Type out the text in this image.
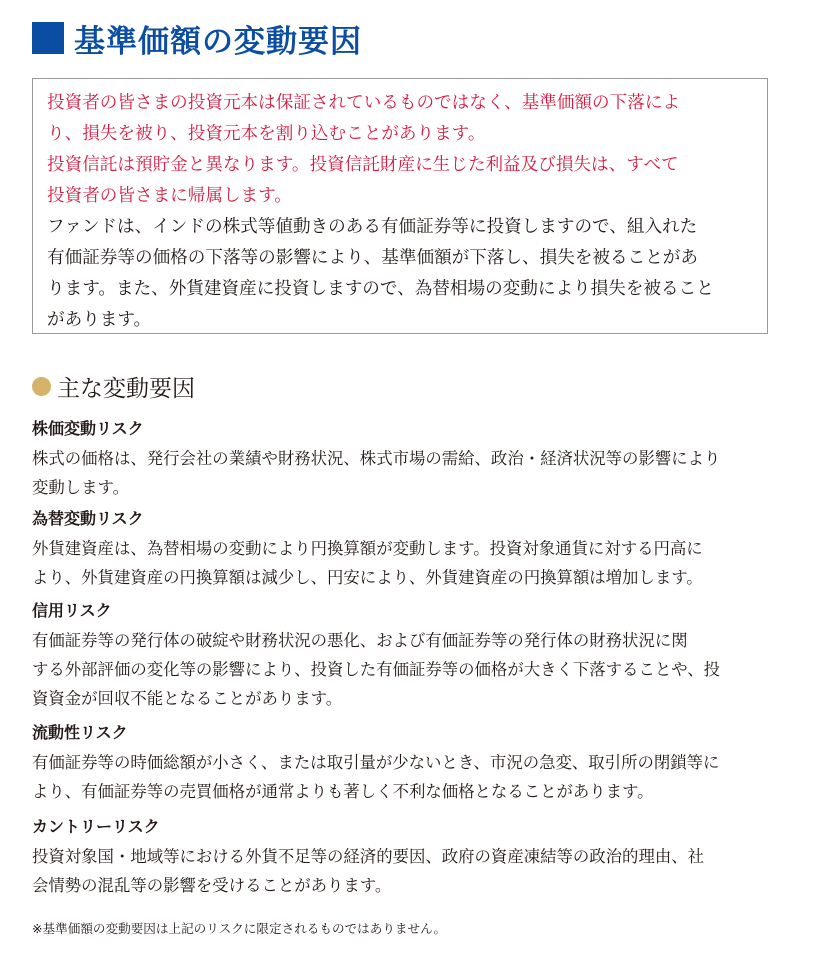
基準価額の変動要因

投資者の皆さまの投資元本は保証されているものではなく、基準価額の下落によ

り、損失を被り、投資元本を割り込むことがあります。

投資信託は預貯金と異なります。投資信託財産に生じた利益及び損失は、すべて

投資者の皆さまに帰属します。

ファンドは、インドの株式等値動きのある有価証券等に投資しますので、組入れた

有価証券等の価格の下落等の影響により、基準価額が下落し、損失を被ることがあ

ります。また、外貨建資産に投資しますので、為替相場の変動により損失を被ること

があります。

主な変動要因
株価変動リスク

株式の価格は、発行会社の業績や財務状況、株式市場の需給、政治・経済状況等の影響により
変動します。

為替変動リスク

外貨建資産は、為替相場の変動により円換算額が変動します。投資対象通貨に対する円高に
より、外貨建資産の円換算額は減少し、円安により、外貨建資産の円換算額は増加します。

信用リスク

有価証券等の発行体の破綻や財務状況の悪化、および有価証券等の発行体の財務状況に関
する外部評価の変化等の影響により、投資した有価証券等の価格が大きく下落することや、投
資資金が回収不能となることがあります。

流動性リスク

有価証券等の時価総額が小さく、または取引量が少ないとき、市況の急変、取引所の閉鎖等に
より、有価証券等の売買価格が通常よりも著しく不利な価格となることがあります。

カントリーリスク

投資対象国・地域等における外貨不足等の経済的要因、政府の資産凍結等の政治的理由、社
会情勢の混乱等の影響を受けることがあります。

※基準価額の変動要因は上記のリスクに限定されるものではありません。
